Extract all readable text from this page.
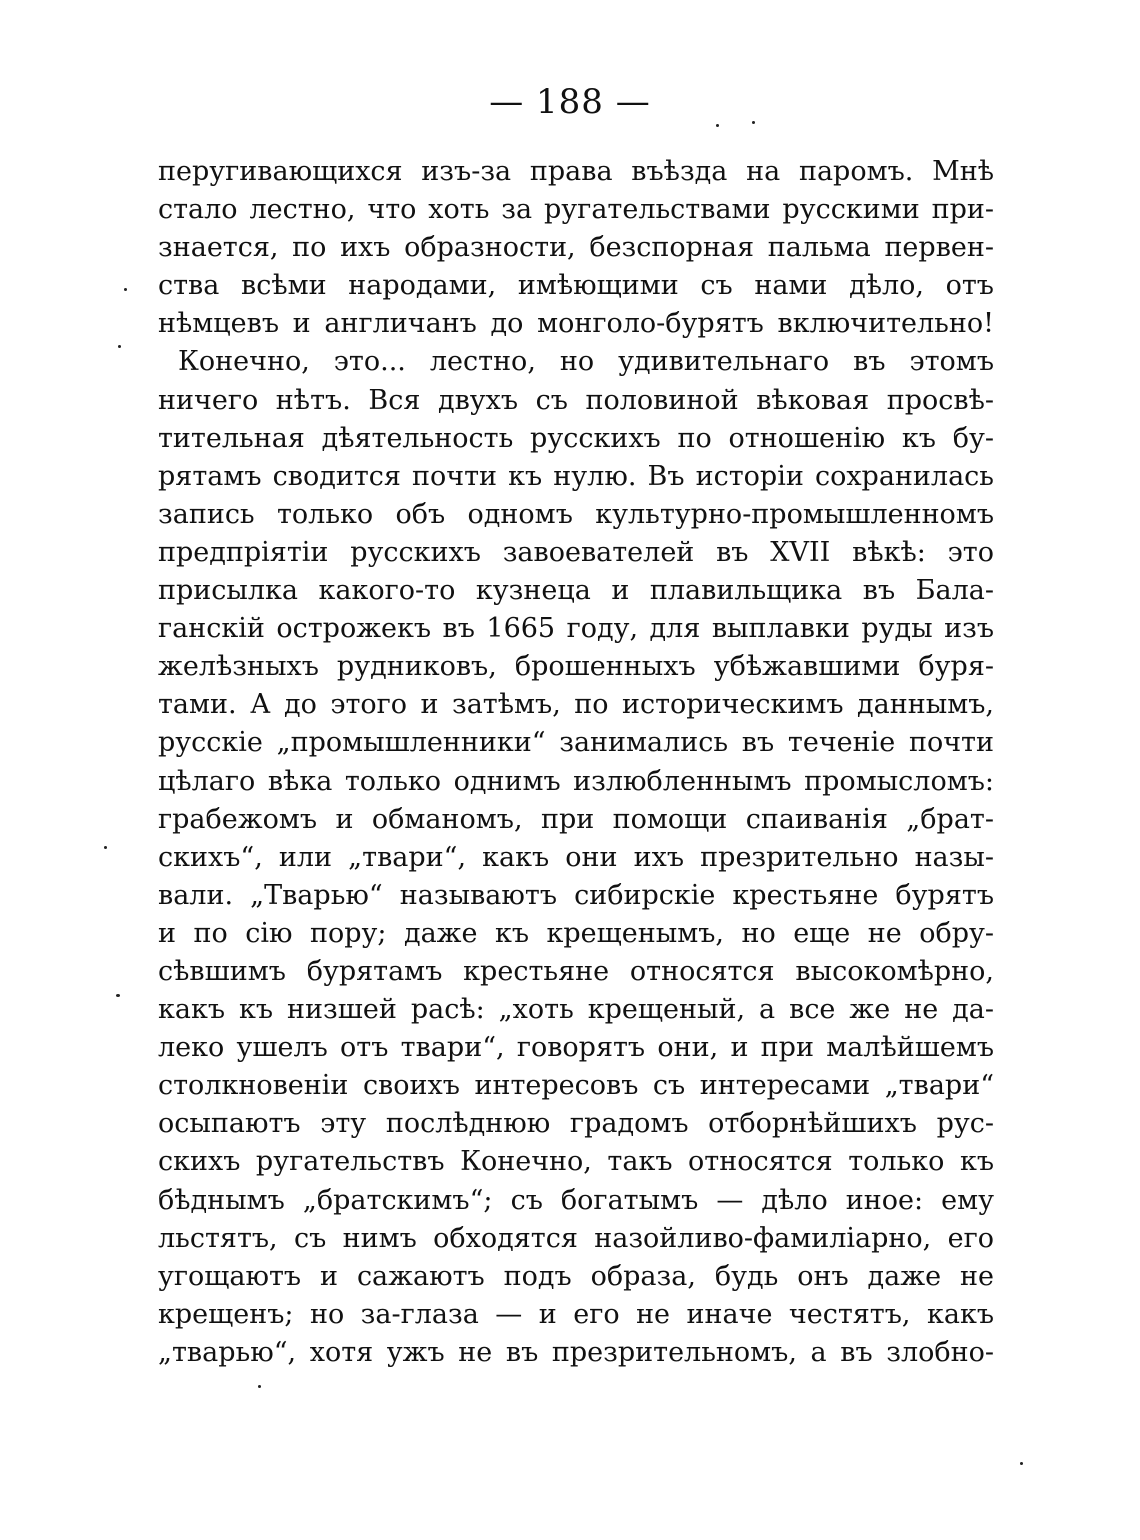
— 188 —
перугивающихся изъ-за права въѣзда на паромъ. Мнѣ
стало лестно, что хоть за ругательствами русскими при-
знается, по ихъ образности, безспорная пальма первен-
ства всѣми народами, имѣющими съ нами дѣло, отъ
нѣмцевъ и англичанъ до монголо-бурятъ включительно!
Конечно, это... лестно, но удивительнаго въ этомъ
ничего нѣтъ. Вся двухъ съ половиной вѣковая просвѣ-
тительная дѣятельность русскихъ по отношенію къ бу-
рятамъ сводится почти къ нулю. Въ исторіи сохранилась
запись только объ одномъ культурно-промышленномъ
предпріятіи русскихъ завоевателей въ XVII вѣкѣ: это
присылка какого-то кузнеца и плавильщика въ Бала-
ганскій острожекъ въ 1665 году, для выплавки руды изъ
желѣзныхъ рудниковъ, брошенныхъ убѣжавшими буря-
тами. А до этого и затѣмъ, по историческимъ даннымъ,
русскіе „промышленники“ занимались въ теченіе почти
цѣлаго вѣка только однимъ излюбленнымъ промысломъ:
грабежомъ и обманомъ, при помощи спаиванія „брат-
скихъ“, или „твари“, какъ они ихъ презрительно назы-
вали. „Тварью“ называютъ сибирскіе крестьяне бурятъ
и по сію пору; даже къ крещенымъ, но еще не обру-
сѣвшимъ бурятамъ крестьяне относятся высокомѣрно,
какъ къ низшей расѣ: „хоть крещеный, а все же не да-
леко ушелъ отъ твари“, говорятъ они, и при малѣйшемъ
столкновеніи своихъ интересовъ съ интересами „твари“
осыпаютъ эту послѣднюю градомъ отборнѣйшихъ рус-
скихъ ругательствъ Конечно, такъ относятся только къ
бѣднымъ „братскимъ“; съ богатымъ — дѣло иное: ему
льстятъ, съ нимъ обходятся назойливо-фамиліарно, его
угощаютъ и сажаютъ подъ образа, будь онъ даже не
крещенъ; но за-глаза — и его не иначе честятъ, какъ
„тварью“, хотя ужъ не въ презрительномъ, а въ злобно-
